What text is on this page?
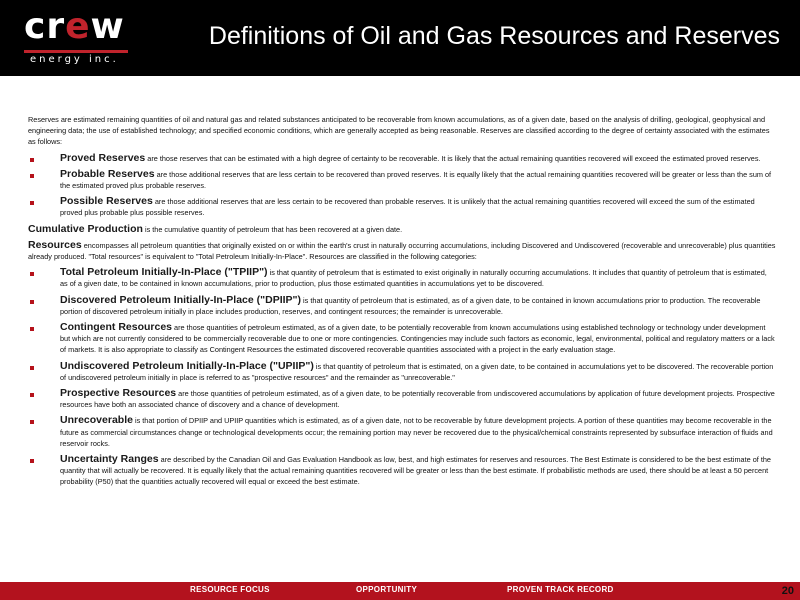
crew
energy inc.
Definitions of Oil and Gas Resources and Reserves

Reserves are estimated remaining quantities of oil and natural gas and related substances anticipated to be recoverable from known accumulations, as of a given date, based on the analysis of drilling, geological, geophysical and engineering data; the use of established technology; and specified economic conditions, which are generally accepted as being reasonable. Reserves are classified according to the degree of certainty associated with the estimates as follows:

Proved Reserves are those reserves that can be estimated with a high degree of certainty to be recoverable. It is likely that the actual remaining quantities recovered will exceed the estimated proved reserves.
Probable Reserves are those additional reserves that are less certain to be recovered than proved reserves. It is equally likely that the actual remaining quantities recovered will be greater or less than the sum of the estimated proved plus probable reserves.
Possible Reserves are those additional reserves that are less certain to be recovered than probable reserves. It is unlikely that the actual remaining quantities recovered will exceed the sum of the estimated proved plus probable plus possible reserves.

Cumulative Production is the cumulative quantity of petroleum that has been recovered at a given date.

Resources encompasses all petroleum quantities that originally existed on or within the earth's crust in naturally occurring accumulations, including Discovered and Undiscovered (recoverable and unrecoverable) plus quantities already produced. "Total resources" is equivalent to "Total Petroleum Initially-In-Place". Resources are classified in the following categories:

Total Petroleum Initially-In-Place ("TPIIP") is that quantity of petroleum that is estimated to exist originally in naturally occurring accumulations. It includes that quantity of petroleum that is estimated, as of a given date, to be contained in known accumulations, prior to production, plus those estimated quantities in accumulations yet to be discovered.
Discovered Petroleum Initially-In-Place ("DPIIP") is that quantity of petroleum that is estimated, as of a given date, to be contained in known accumulations prior to production. The recoverable portion of discovered petroleum initially in place includes production, reserves, and contingent resources; the remainder is unrecoverable.
Contingent Resources are those quantities of petroleum estimated, as of a given date, to be potentially recoverable from known accumulations using established technology or technology under development but which are not currently considered to be commercially recoverable due to one or more contingencies. Contingencies may include such factors as economic, legal, environmental, political and regulatory matters or a lack of markets. It is also appropriate to classify as Contingent Resources the estimated discovered recoverable quantities associated with a project in the early evaluation stage.
Undiscovered Petroleum Initially-In-Place ("UPIIP") is that quantity of petroleum that is estimated, on a given date, to be contained in accumulations yet to be discovered. The recoverable portion of undiscovered petroleum initially in place is referred to as "prospective resources" and the remainder as "unrecoverable."
Prospective Resources are those quantities of petroleum estimated, as of a given date, to be potentially recoverable from undiscovered accumulations by application of future development projects. Prospective resources have both an associated chance of discovery and a chance of development.
Unrecoverable is that portion of DPIIP and UPIIP quantities which is estimated, as of a given date, not to be recoverable by future development projects. A portion of these quantities may become recoverable in the future as commercial circumstances change or technological developments occur; the remaining portion may never be recovered due to the physical/chemical constraints represented by subsurface interaction of fluids and reservoir rocks.
Uncertainty Ranges are described by the Canadian Oil and Gas Evaluation Handbook as low, best, and high estimates for reserves and resources. The Best Estimate is considered to be the best estimate of the quantity that will actually be recovered. It is equally likely that the actual remaining quantities recovered will be greater or less than the best estimate. If probabilistic methods are used, there should be at least a 50 percent probability (P50) that the quantities actually recovered will equal or exceed the best estimate.
RESOURCE FOCUS	OPPORTUNITY	PROVEN TRACK RECORD	20
